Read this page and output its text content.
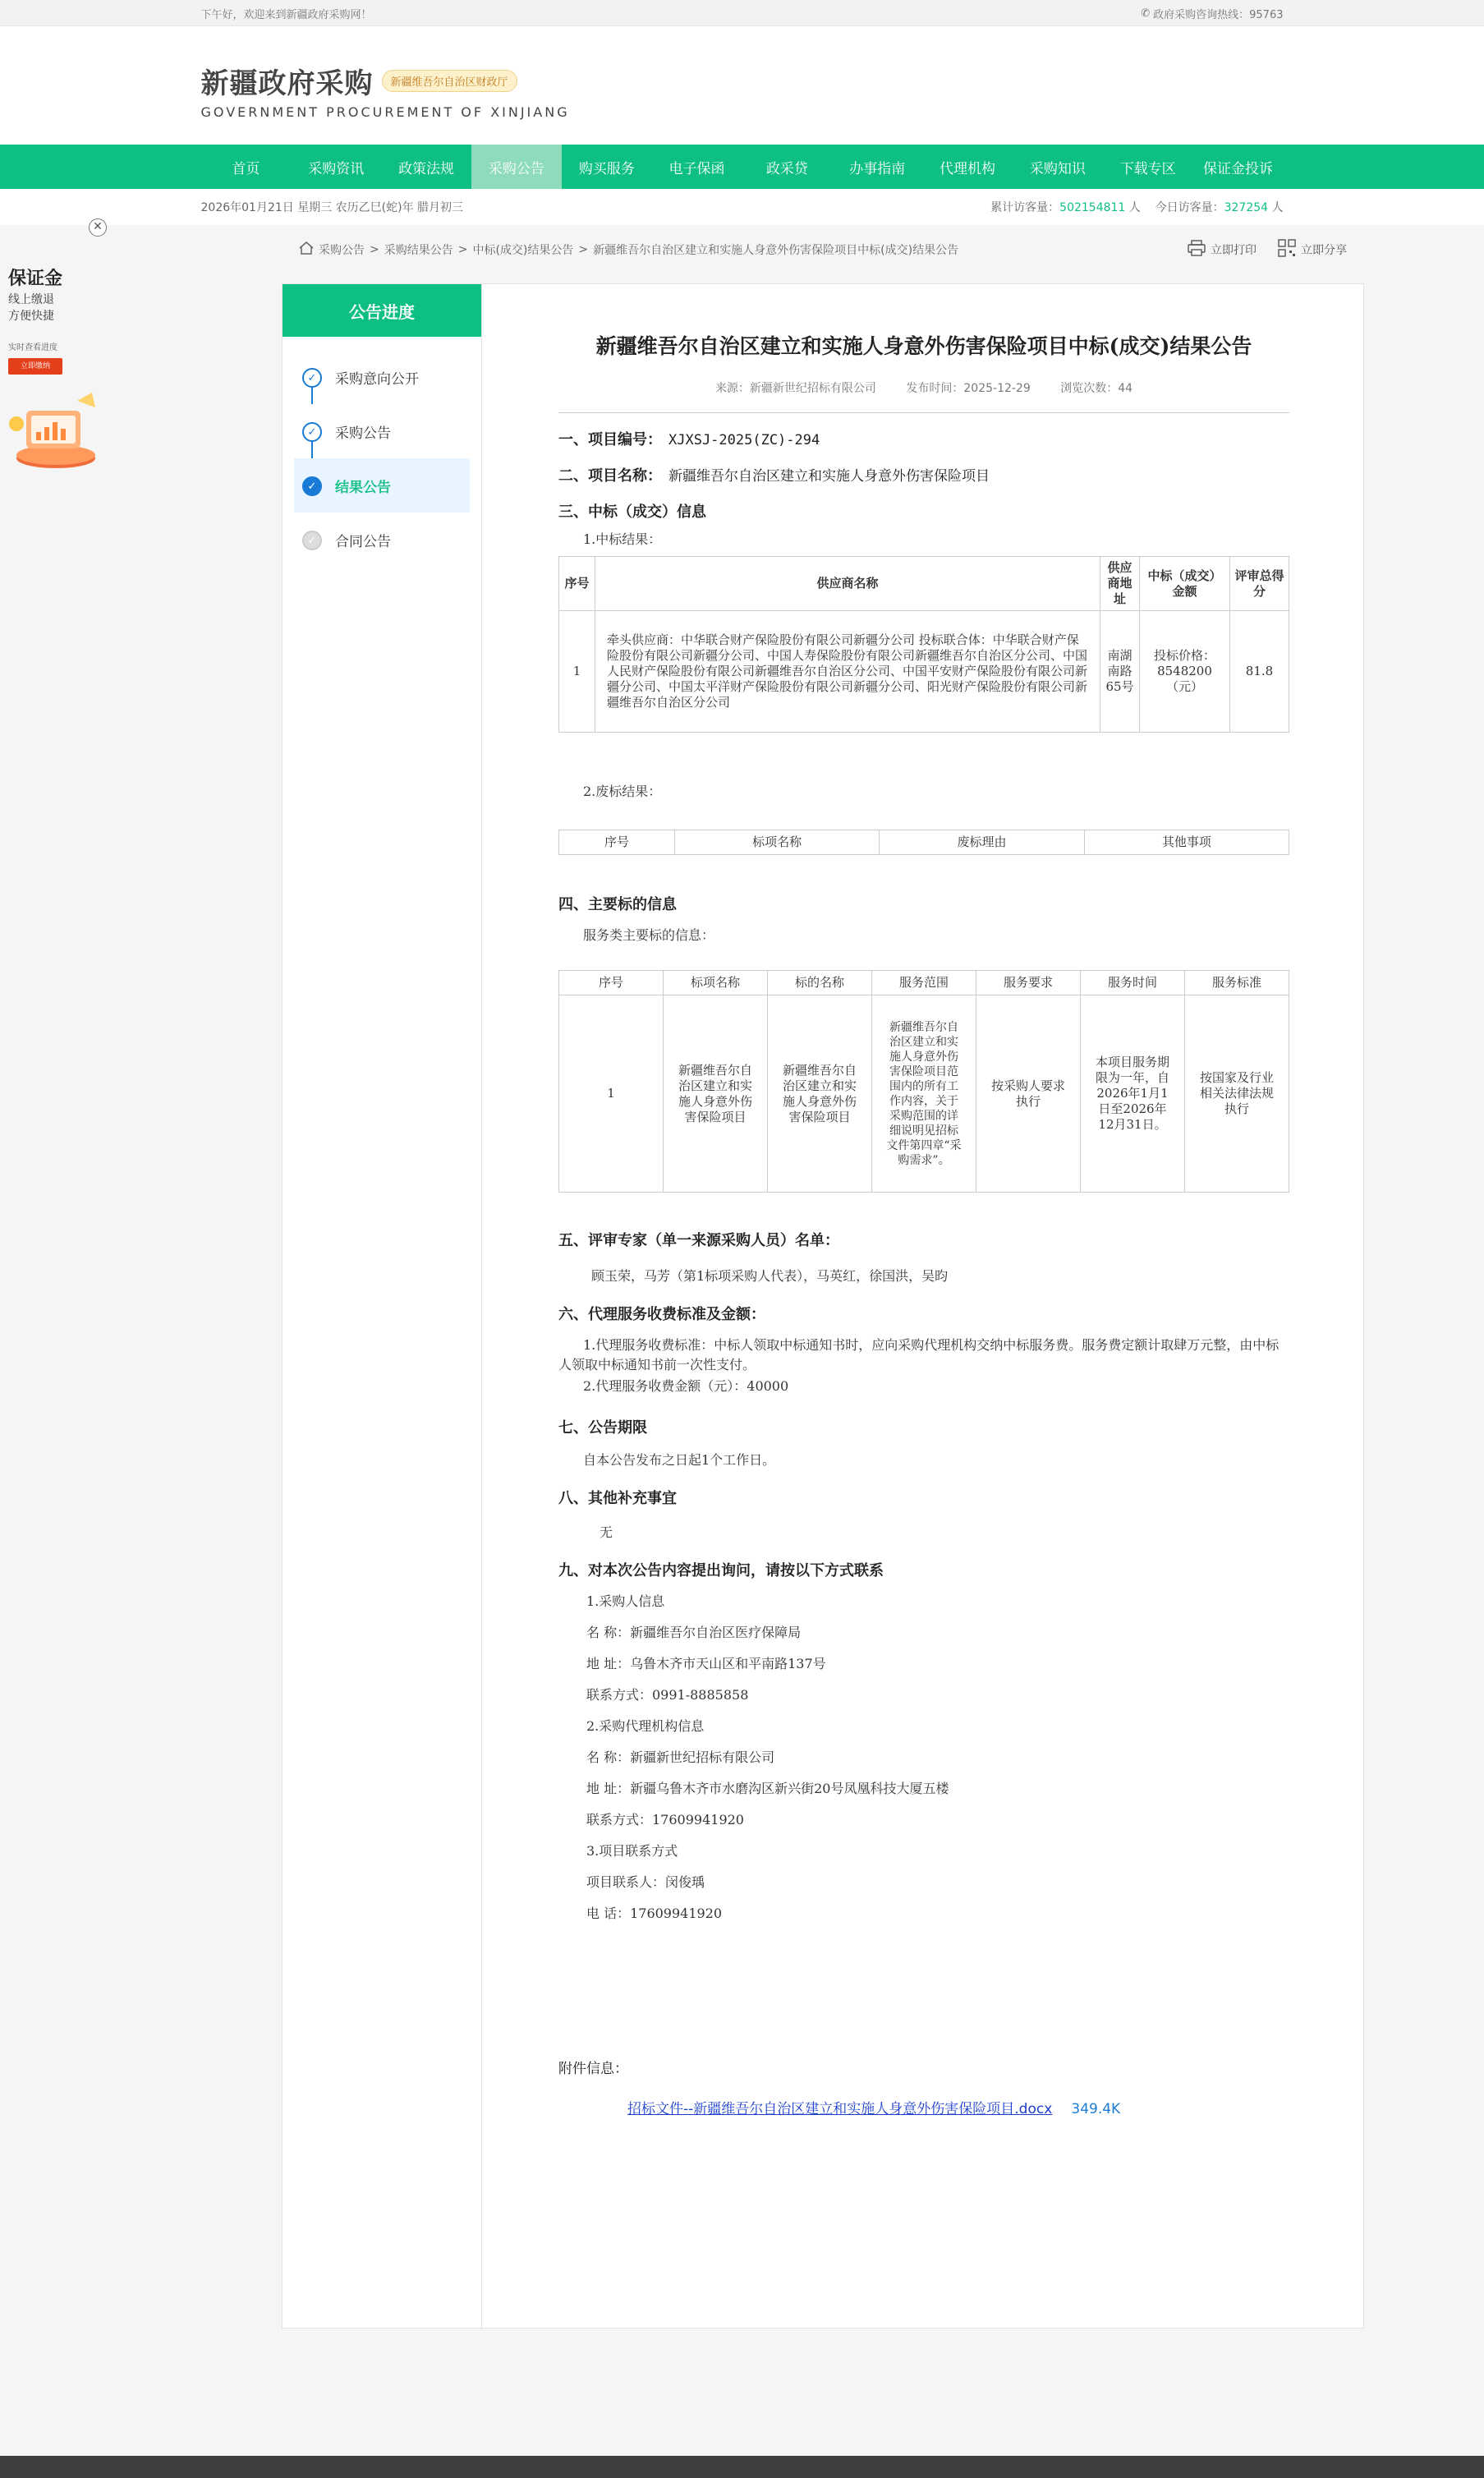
下午好，欢迎来到新疆政府采购网！	✆ 政府采购咨询热线：95763
新疆政府采购	新疆维吾尔自治区财政厅
GOVERNMENT PROCUREMENT OF XINJIANG
首页	采购资讯	政策法规	采购公告	购买服务	电子保函	政采贷	办事指南	代理机构	采购知识	下载专区	保证金投诉
2026年01月21日 星期三 农历乙巳(蛇)年 腊月初三	累计访客量：502154811 人 今日访客量：327254 人
✕
保证金
线上缴退
方便快捷
实时查看进度
立即缴纳
采购公告 > 采购结果公告 > 中标(成交)结果公告 > 新疆维吾尔自治区建立和实施人身意外伤害保险项目中标(成交)结果公告	立即打印	立即分享
公告进度
✓	采购意向公开
✓	采购公告
✓	结果公告
✓	合同公告
新疆维吾尔自治区建立和实施人身意外伤害保险项目中标(成交)结果公告
来源：新疆新世纪招标有限公司	发布时间：2025-12-29	浏览次数：44
一、项目编号： XJXSJ-2025(ZC)-294
二、项目名称： 新疆维吾尔自治区建立和实施人身意外伤害保险项目
三、中标（成交）信息
1.中标结果：
序号	供应商名称	供应商地址	中标（成交）金额	评审总得分
1	牵头供应商：中华联合财产保险股份有限公司新疆分公司 投标联合体：中华联合财产保险股份有限公司新疆分公司、中国人寿保险股份有限公司新疆维吾尔自治区分公司、中国人民财产保险股份有限公司新疆维吾尔自治区分公司、中国平安财产保险股份有限公司新疆分公司、中国太平洋财产保险股份有限公司新疆分公司、阳光财产保险股份有限公司新疆维吾尔自治区分公司	南湖南路65号	投标价格：8548200（元）	81.8
2.废标结果：
序号	标项名称	废标理由	其他事项
四、主要标的信息
服务类主要标的信息：
序号	标项名称	标的名称	服务范围	服务要求	服务时间	服务标准
1	新疆维吾尔自治区建立和实施人身意外伤害保险项目	新疆维吾尔自治区建立和实施人身意外伤害保险项目	新疆维吾尔自治区建立和实施人身意外伤害保险项目范围内的所有工作内容，关于采购范围的详细说明见招标文件第四章“采购需求”。	按采购人要求执行	本项目服务期限为一年，自2026年1月1日至2026年12月31日。	按国家及行业相关法律法规执行
五、评审专家（单一来源采购人员）名单：
顾玉荣，马芳（第1标项采购人代表），马英红，徐国洪，吴昀
六、代理服务收费标准及金额：
1.代理服务收费标准：中标人领取中标通知书时，应向采购代理机构交纳中标服务费。服务费定额计取肆万元整，由中标人领取中标通知书前一次性支付。
2.代理服务收费金额（元）：40000
七、公告期限
自本公告发布之日起1个工作日。
八、其他补充事宜
无
九、对本次公告内容提出询问，请按以下方式联系
1.采购人信息
名 称：新疆维吾尔自治区医疗保障局
地 址：乌鲁木齐市天山区和平南路137号
联系方式：0991-8885858
2.采购代理机构信息
名 称：新疆新世纪招标有限公司
地 址：新疆乌鲁木齐市水磨沟区新兴街20号凤凰科技大厦五楼
联系方式：17609941920
3.项目联系方式
项目联系人：闵俊瑀
电 话：17609941920
附件信息：
招标文件--新疆维吾尔自治区建立和实施人身意外伤害保险项目.docx 349.4K
